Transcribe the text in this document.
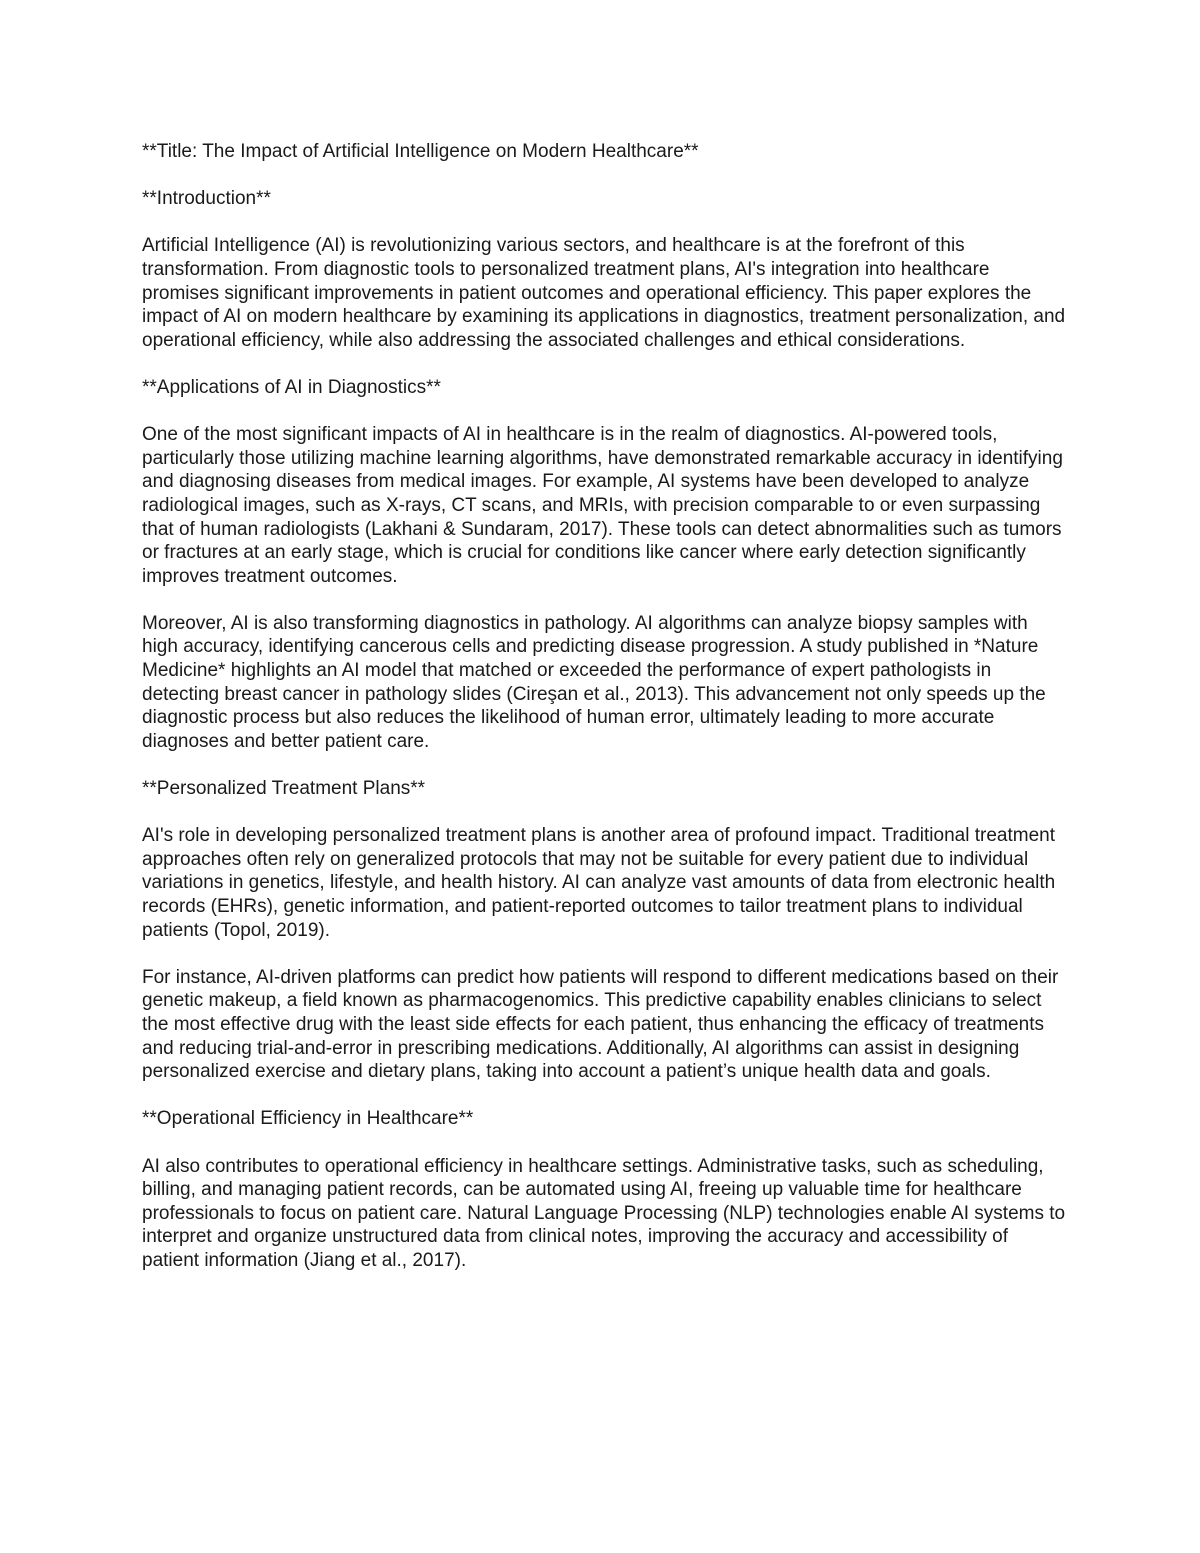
**Title: The Impact of Artificial Intelligence on Modern Healthcare**

**Introduction**

Artificial Intelligence (AI) is revolutionizing various sectors, and healthcare is at the forefront of this transformation. From diagnostic tools to personalized treatment plans, AI's integration into healthcare promises significant improvements in patient outcomes and operational efficiency. This paper explores the impact of AI on modern healthcare by examining its applications in diagnostics, treatment personalization, and operational efficiency, while also addressing the associated challenges and ethical considerations.

**Applications of AI in Diagnostics**

One of the most significant impacts of AI in healthcare is in the realm of diagnostics. AI-powered tools, particularly those utilizing machine learning algorithms, have demonstrated remarkable accuracy in identifying and diagnosing diseases from medical images. For example, AI systems have been developed to analyze radiological images, such as X-rays, CT scans, and MRIs, with precision comparable to or even surpassing that of human radiologists (Lakhani & Sundaram, 2017). These tools can detect abnormalities such as tumors or fractures at an early stage, which is crucial for conditions like cancer where early detection significantly improves treatment outcomes.

Moreover, AI is also transforming diagnostics in pathology. AI algorithms can analyze biopsy samples with high accuracy, identifying cancerous cells and predicting disease progression. A study published in *Nature Medicine* highlights an AI model that matched or exceeded the performance of expert pathologists in detecting breast cancer in pathology slides (Cireşan et al., 2013). This advancement not only speeds up the diagnostic process but also reduces the likelihood of human error, ultimately leading to more accurate diagnoses and better patient care.

**Personalized Treatment Plans**

AI's role in developing personalized treatment plans is another area of profound impact. Traditional treatment approaches often rely on generalized protocols that may not be suitable for every patient due to individual variations in genetics, lifestyle, and health history. AI can analyze vast amounts of data from electronic health records (EHRs), genetic information, and patient-reported outcomes to tailor treatment plans to individual patients (Topol, 2019).

For instance, AI-driven platforms can predict how patients will respond to different medications based on their genetic makeup, a field known as pharmacogenomics. This predictive capability enables clinicians to select the most effective drug with the least side effects for each patient, thus enhancing the efficacy of treatments and reducing trial-and-error in prescribing medications. Additionally, AI algorithms can assist in designing personalized exercise and dietary plans, taking into account a patient’s unique health data and goals.

**Operational Efficiency in Healthcare**

AI also contributes to operational efficiency in healthcare settings. Administrative tasks, such as scheduling, billing, and managing patient records, can be automated using AI, freeing up valuable time for healthcare professionals to focus on patient care. Natural Language Processing (NLP) technologies enable AI systems to interpret and organize unstructured data from clinical notes, improving the accuracy and accessibility of patient information (Jiang et al., 2017).
